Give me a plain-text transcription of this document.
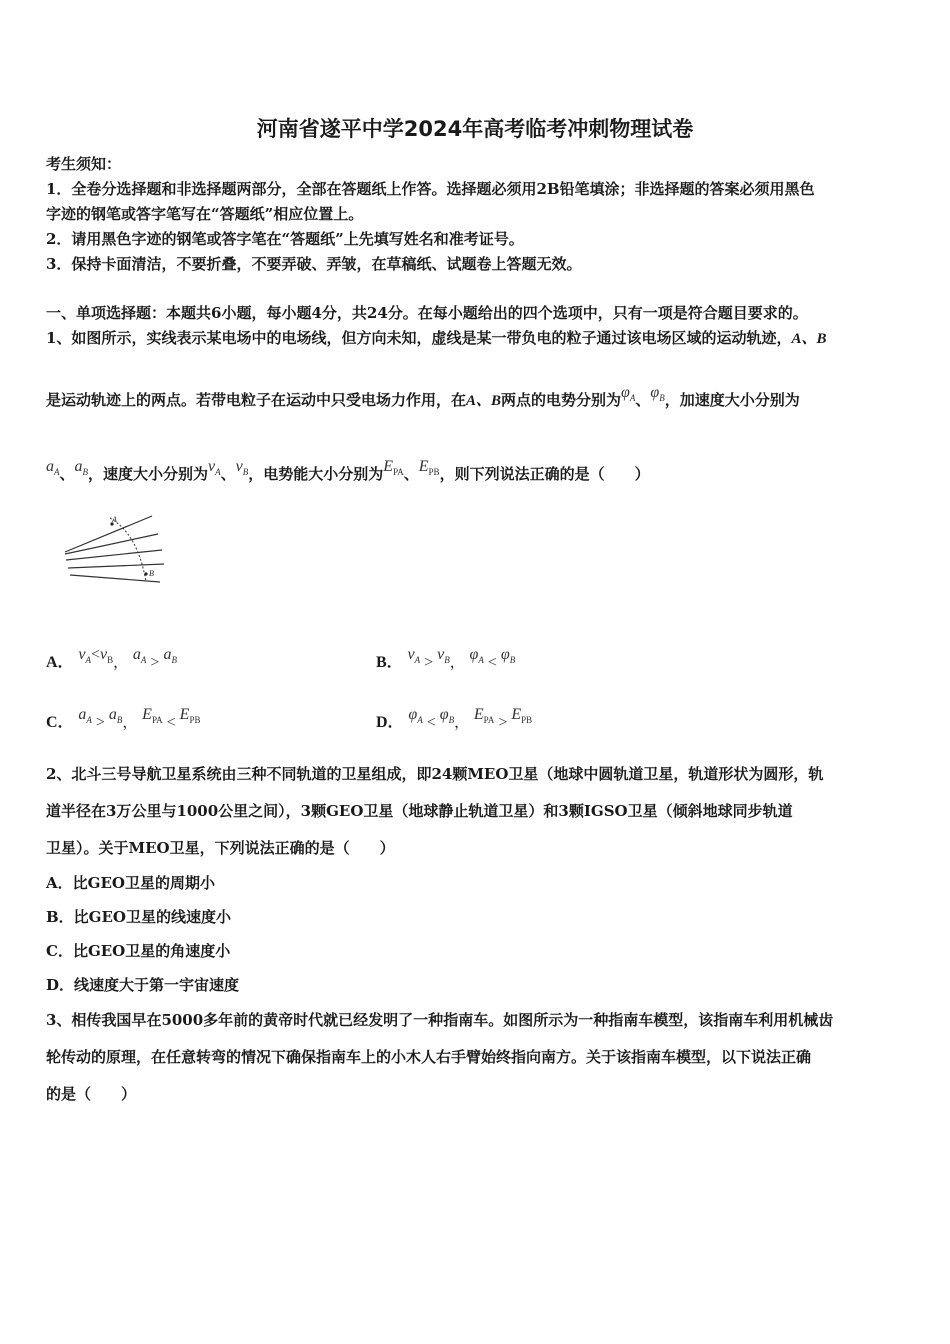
河南省遂平中学2024年高考临考冲刺物理试卷
考生须知：
1．全卷分选择题和非选择题两部分，全部在答题纸上作答。选择题必须用2B铅笔填涂；非选择题的答案必须用黑色
字迹的钢笔或答字笔写在“答题纸”相应位置上。
2．请用黑色字迹的钢笔或答字笔在“答题纸”上先填写姓名和准考证号。
3．保持卡面清洁，不要折叠，不要弄破、弄皱，在草稿纸、试题卷上答题无效。
一、单项选择题：本题共6小题，每小题4分，共24分。在每小题给出的四个选项中，只有一项是符合题目要求的。
1、如图所示，实线表示某电场中的电场线，但方向未知，虚线是某一带负电的粒子通过该电场区域的运动轨迹，A、B
是运动轨迹上的两点。若带电粒子在运动中只受电场力作用，在A、B两点的电势分别为$\varphi_A$、$\varphi_B$，加速度大小分别为
$a_A$、$a_B$，速度大小分别为$v_A$、$v_B$，电势能大小分别为$E_{PA}$、$E_{PB}$，则下列说法正确的是（　　）
A
B
A． $v_A<v_B$， $a_A > a_B$	B． $v_A > v_B$， $\varphi_A < \varphi_B$
C． $a_A > a_B$， $E_{PA} < E_{PB}$	D． $\varphi_A < \varphi_B$， $E_{PA} > E_{PB}$
2、北斗三号导航卫星系统由三种不同轨道的卫星组成，即24颗MEO卫星（地球中圆轨道卫星，轨道形状为圆形，轨
道半径在3万公里与1000公里之间），3颗GEO卫星（地球静止轨道卫星）和3颗IGSO卫星（倾斜地球同步轨道
卫星）。关于MEO卫星，下列说法正确的是（　　）
A．比GEO卫星的周期小
B．比GEO卫星的线速度小
C．比GEO卫星的角速度小
D．线速度大于第一宇宙速度
3、相传我国早在5000多年前的黄帝时代就已经发明了一种指南车。如图所示为一种指南车模型，该指南车利用机械齿
轮传动的原理，在任意转弯的情况下确保指南车上的小木人右手臂始终指向南方。关于该指南车模型，以下说法正确
的是（　　）
